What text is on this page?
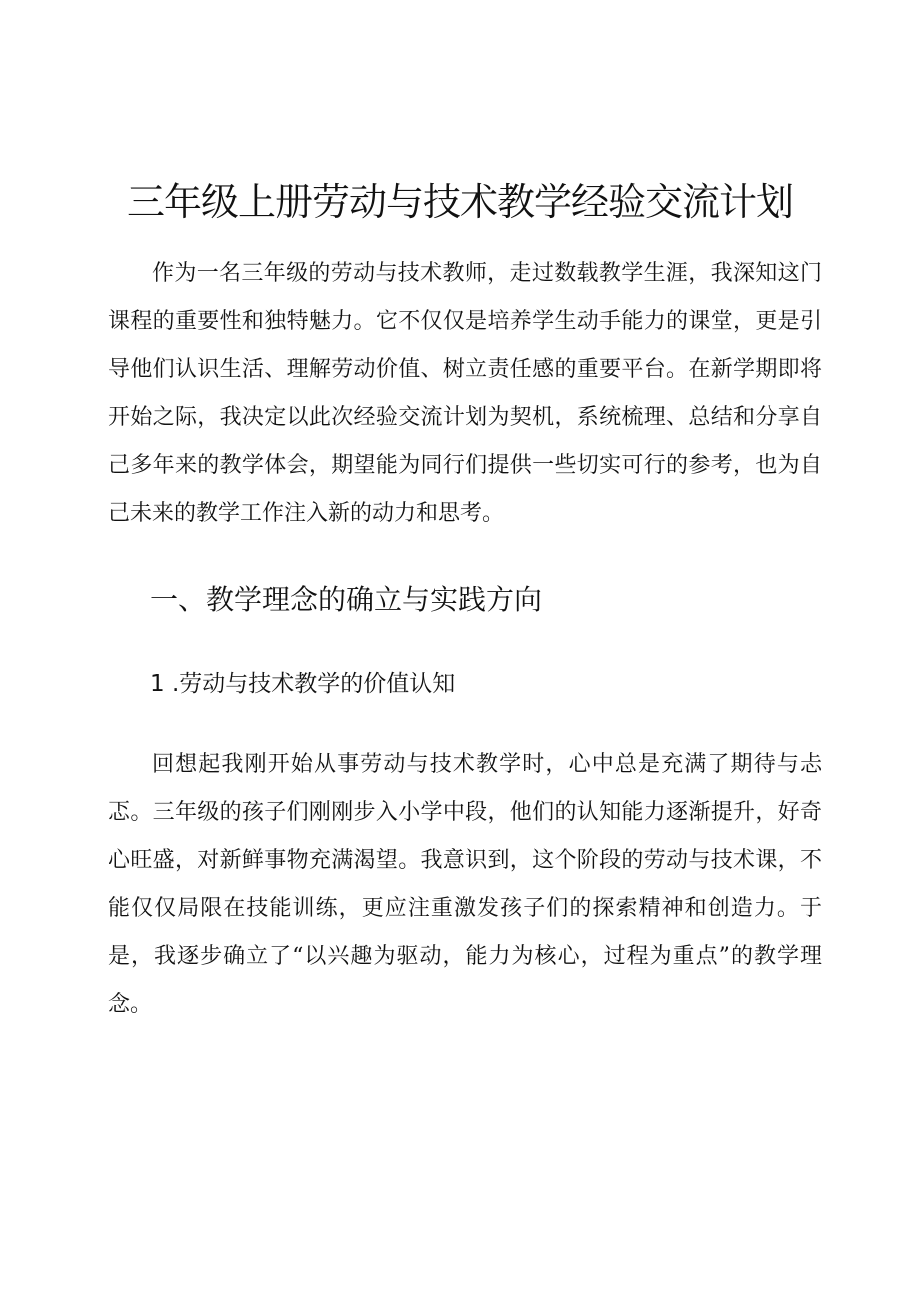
三年级上册劳动与技术教学经验交流计划

作为一名三年级的劳动与技术教师，走过数载教学生涯，我深知这门课程的重要性和独特魅力。它不仅仅是培养学生动手能力的课堂，更是引导他们认识生活、理解劳动价值、树立责任感的重要平台。在新学期即将开始之际，我决定以此次经验交流计划为契机，系统梳理、总结和分享自己多年来的教学体会，期望能为同行们提供一些切实可行的参考，也为自己未来的教学工作注入新的动力和思考。

一、教学理念的确立与实践方向
1 .劳动与技术教学的价值认知

回想起我刚开始从事劳动与技术教学时，心中总是充满了期待与忐忑。三年级的孩子们刚刚步入小学中段，他们的认知能力逐渐提升，好奇心旺盛，对新鲜事物充满渴望。我意识到，这个阶段的劳动与技术课，不能仅仅局限在技能训练，更应注重激发孩子们的探索精神和创造力。于是，我逐步确立了“以兴趣为驱动，能力为核心，过程为重点”的教学理念。
